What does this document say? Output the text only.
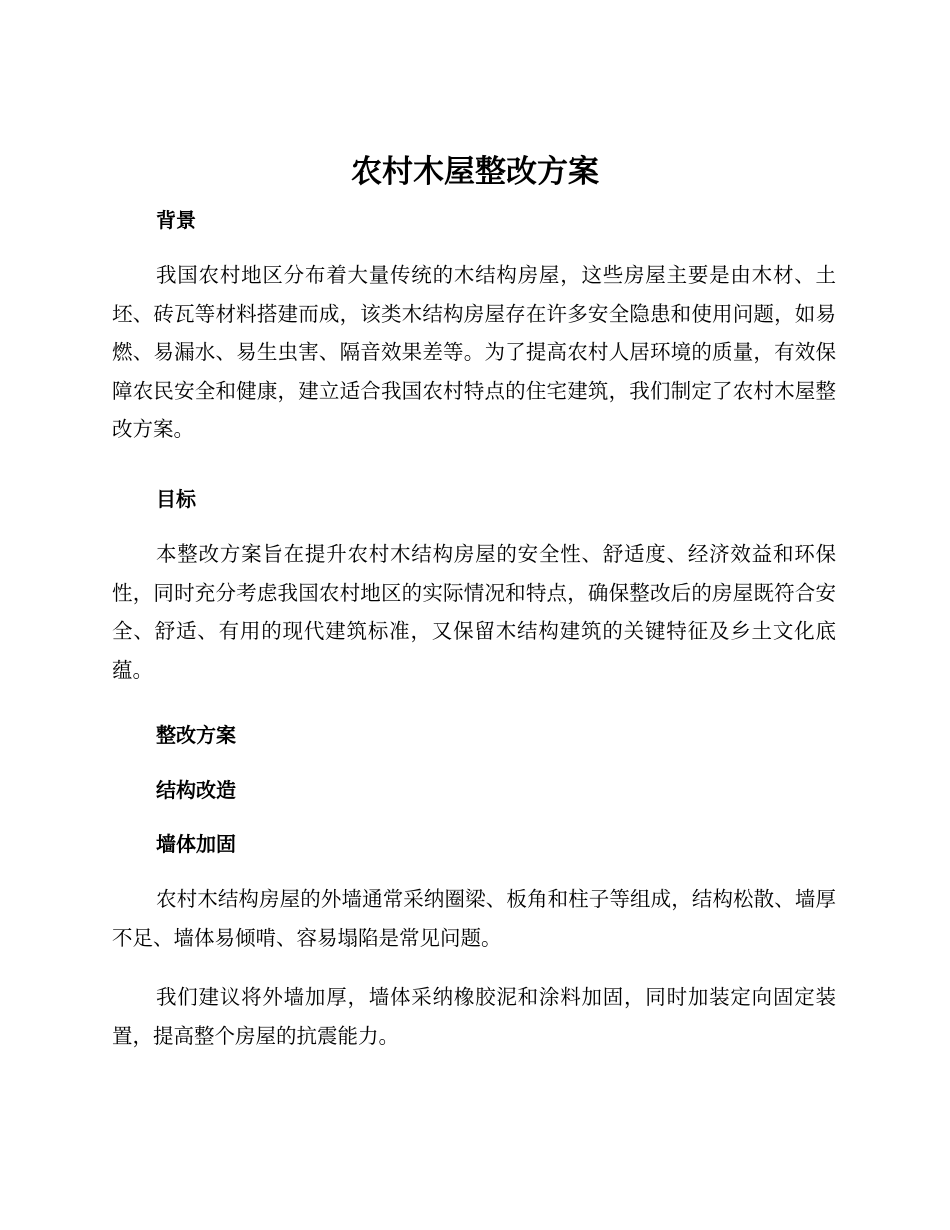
农村木屋整改方案
背景

我国农村地区分布着大量传统的木结构房屋，这些房屋主要是由木材、土坯、砖瓦等材料搭建而成，该类木结构房屋存在许多安全隐患和使用问题，如易燃、易漏水、易生虫害、隔音效果差等。为了提高农村人居环境的质量，有效保障农民安全和健康，建立适合我国农村特点的住宅建筑，我们制定了农村木屋整改方案。

目标

本整改方案旨在提升农村木结构房屋的安全性、舒适度、经济效益和环保性，同时充分考虑我国农村地区的实际情况和特点，确保整改后的房屋既符合安全、舒适、有用的现代建筑标准，又保留木结构建筑的关键特征及乡土文化底蕴。

整改方案
结构改造
墙体加固

农村木结构房屋的外墙通常采纳圈梁、板角和柱子等组成，结构松散、墙厚不足、墙体易倾啃、容易塌陷是常见问题。

我们建议将外墙加厚，墙体采纳橡胶泥和涂料加固，同时加装定向固定装置，提高整个房屋的抗震能力。
